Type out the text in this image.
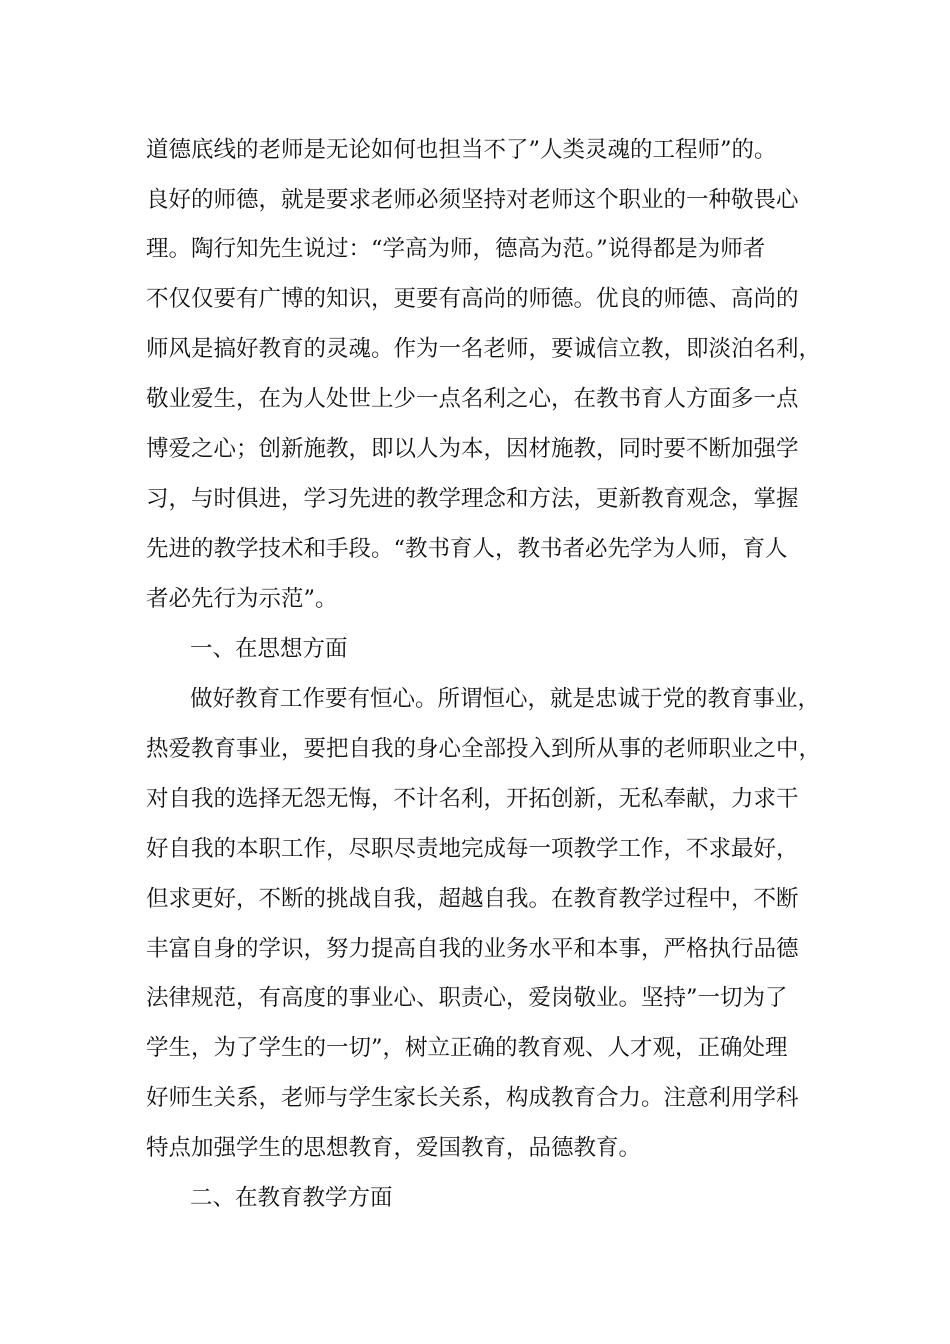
道德底线的老师是无论如何也担当不了”人类灵魂的工程师”的。
良好的师德，就是要求老师必须坚持对老师这个职业的一种敬畏心
理。陶行知先生说过：“学高为师，德高为范。”说得都是为师者
不仅仅要有广博的知识，更要有高尚的师德。优良的师德、高尚的
师风是搞好教育的灵魂。作为一名老师，要诚信立教，即淡泊名利，
敬业爱生，在为人处世上少一点名利之心，在教书育人方面多一点
博爱之心；创新施教，即以人为本，因材施教，同时要不断加强学
习，与时俱进，学习先进的教学理念和方法，更新教育观念，掌握
先进的教学技术和手段。“教书育人，教书者必先学为人师，育人
者必先行为示范”。
一、在思想方面
做好教育工作要有恒心。所谓恒心，就是忠诚于党的教育事业，
热爱教育事业，要把自我的身心全部投入到所从事的老师职业之中，
对自我的选择无怨无悔，不计名利，开拓创新，无私奉献，力求干
好自我的本职工作，尽职尽责地完成每一项教学工作，不求最好，
但求更好，不断的挑战自我，超越自我。在教育教学过程中，不断
丰富自身的学识，努力提高自我的业务水平和本事，严格执行品德
法律规范，有高度的事业心、职责心，爱岗敬业。坚持”一切为了
学生，为了学生的一切”，树立正确的教育观、人才观，正确处理
好师生关系，老师与学生家长关系，构成教育合力。注意利用学科
特点加强学生的思想教育，爱国教育，品德教育。
二、在教育教学方面
